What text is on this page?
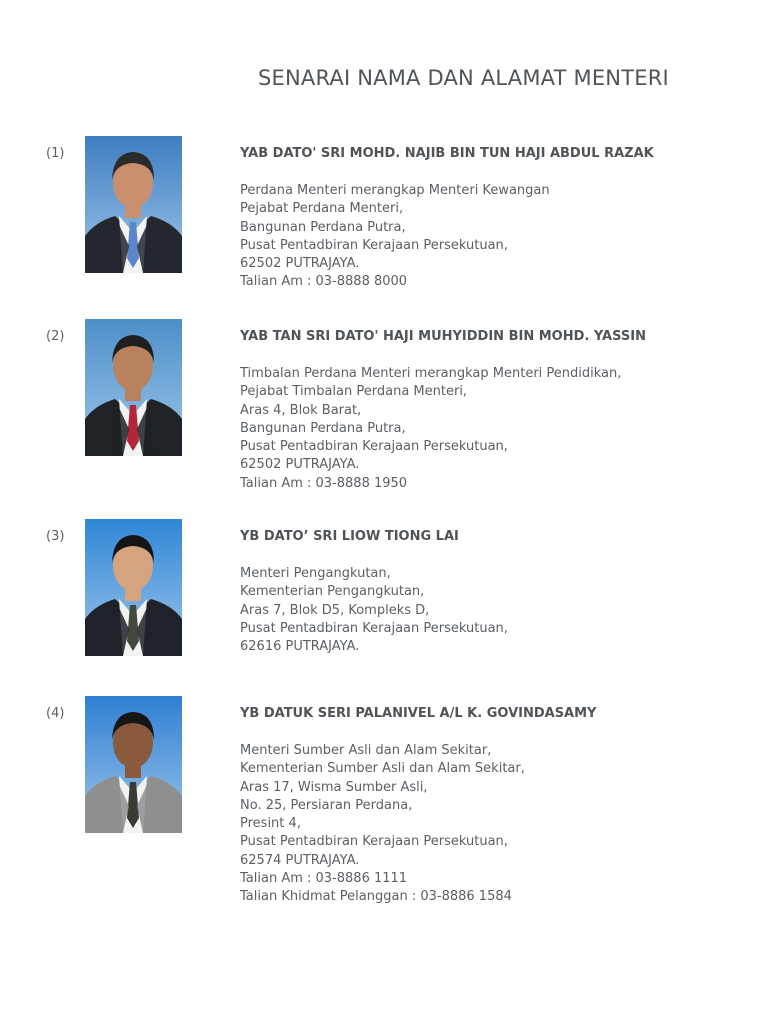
SENARAI NAMA DAN ALAMAT MENTERI
(1)	YAB DATO' SRI MOHD. NAJIB BIN TUN HAJI ABDUL RAZAK
Perdana Menteri merangkap Menteri Kewangan
Pejabat Perdana Menteri,
Bangunan Perdana Putra,
Pusat Pentadbiran Kerajaan Persekutuan,
62502 PUTRAJAYA.
Talian Am : 03-8888 8000
(2)	YAB TAN SRI DATO' HAJI MUHYIDDIN BIN MOHD. YASSIN
Timbalan Perdana Menteri merangkap Menteri Pendidikan,
Pejabat Timbalan Perdana Menteri,
Aras 4, Blok Barat,
Bangunan Perdana Putra,
Pusat Pentadbiran Kerajaan Persekutuan,
62502 PUTRAJAYA.
Talian Am : 03-8888 1950
(3)	YB DATO’ SRI LIOW TIONG LAI
Menteri Pengangkutan,
Kementerian Pengangkutan,
Aras 7, Blok D5, Kompleks D,
Pusat Pentadbiran Kerajaan Persekutuan,
62616 PUTRAJAYA.
(4)	YB DATUK SERI PALANIVEL A/L K. GOVINDASAMY
Menteri Sumber Asli dan Alam Sekitar,
Kementerian Sumber Asli dan Alam Sekitar,
Aras 17, Wisma Sumber Asli,
No. 25, Persiaran Perdana,
Presint 4,
Pusat Pentadbiran Kerajaan Persekutuan,
62574 PUTRAJAYA.
Talian Am : 03-8886 1111
Talian Khidmat Pelanggan : 03-8886 1584
